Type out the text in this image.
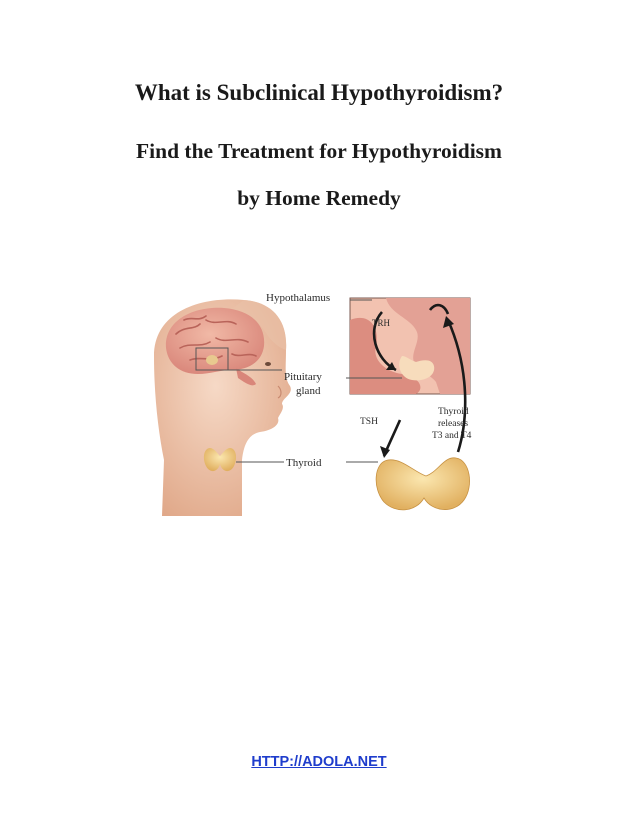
What is Subclinical Hypothyroidism?
Find the Treatment for Hypothyroidism
by Home Remedy
Hypothalamus
TRH
Pituitary
gland
TSH
Thyroid
releases
T3 and T4
Thyroid
HTTP://ADOLA.NET
